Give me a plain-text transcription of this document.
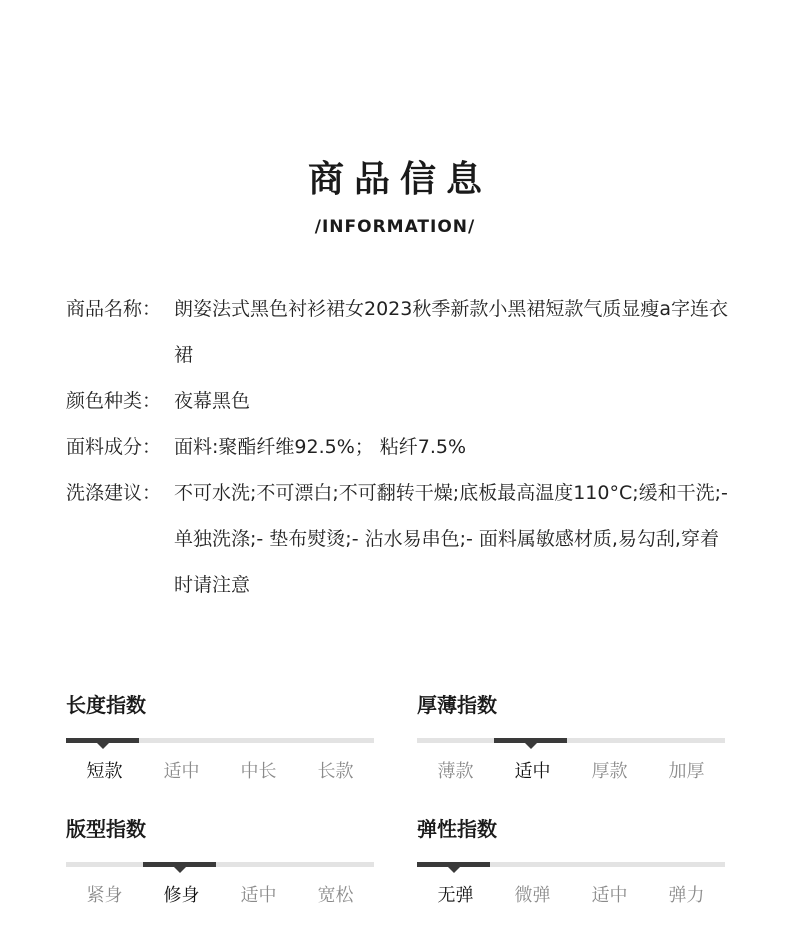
商品信息
/INFORMATION/
商品名称： 朗姿法式黑色衬衫裙女2023秋季新款小黑裙短款气质显瘦a字连衣裙
颜色种类： 夜幕黑色
面料成分： 面料:聚酯纤维92.5%； 粘纤7.5%
洗涤建议： 不可水洗;不可漂白;不可翻转干燥;底板最高温度110°C;缓和干洗;- 单独洗涤;- 垫布熨烫;- 沾水易串色;- 面料属敏感材质,易勾刮,穿着时请注意
长度指数
短款	适中	中长	长款
厚薄指数
薄款	适中	厚款	加厚
版型指数
紧身	修身	适中	宽松
弹性指数
无弹	微弹	适中	弹力
